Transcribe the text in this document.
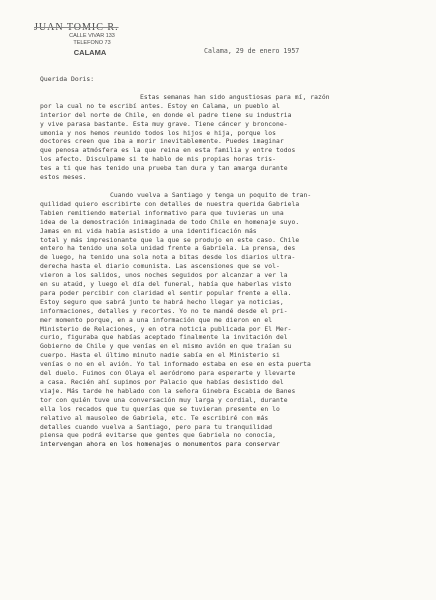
JUAN TOMIC R.
CALLE VIVAR 133
TELEFONO 73
CALAMA	Calama, 29 de enero 1957
Querida Doris:
Estas semanas han sido angustiosas para mí, razón
por la cual no te escribí antes. Estoy en Calama, un pueblo al
interior del norte de Chile, en donde el padre tiene su industria
y vive parasa bastante. Esta muy grave. Tiene cáncer y broncone-
umonia y nos hemos reunido todos los hijos e hija, porque los
doctores creen que iba a morir inevitablemente. Puedes imaginar
que penosa atmósfera es la que reina en esta familia y entre todos
los afecto. Disculpame si te hablo de mis propias horas tris-
tes a ti que has tenido una prueba tan dura y tan amarga durante
estos meses.
Cuando vuelva a Santiago y tenga un poquito de tran-
quilidad quiero escribirte con detalles de nuestra querida Gabriela
Tabien remitiendo material informativo para que tuvieras un una
idea de la demostración inimaginada de todo Chile en homenaje suyo.
Jamas en mi vida había asistido a una identificación más
total y más impresionante que la que se produjo en este caso. Chile
entero ha tenido una sola unidad frente a Gabriela. La prensa, des
de luego, ha tenido una sola nota a bitas desde los diarios ultra-
derecha hasta el diario comunista. Las ascensiones que se vol-
vieron a los salidos, unos noches seguidos por alcanzar a ver la
en su ataúd, y luego el día del funeral, había que haberlas visto
para poder percibir con claridad el sentir popular frente a ella.
Estoy seguro que sabrá junto te habrá hecho llegar ya noticias,
informaciones, detalles y recortes. Yo no te mandé desde el pri-
mer momento porque, en a una información que me dieron en el
Ministerio de Relaciones, y en otra noticia publicada por El Mer-
curio, figuraba que habías aceptado finalmente la invitación del
Gobierno de Chile y que venías en el mismo avión en que traían su
cuerpo. Hasta el último minuto nadie sabía en el Ministerio si
venías o no en el avión. Yo tal informado estaba en ese en esta puerta
del duelo. Fuimos con Olaya el aeródromo para esperarte y llevarte
a casa. Recién ahí supimos por Palacio que habías desistido del
viaje. Más tarde he hablado con la señora Ginebra Escabia de Banes
tor con quién tuve una conversación muy larga y cordial, durante
ella los recados que tu querías que se tuvieran presente en lo
relativo al mausoleo de Gabriela, etc. Te escribiré con más
detalles cuando vuelva a Santiago, pero para tu tranquilidad
piensa que podrá evitarse que gentes que Gabriela no conocía,
intervengan ahora en los homenajes o monumentos para conservar
